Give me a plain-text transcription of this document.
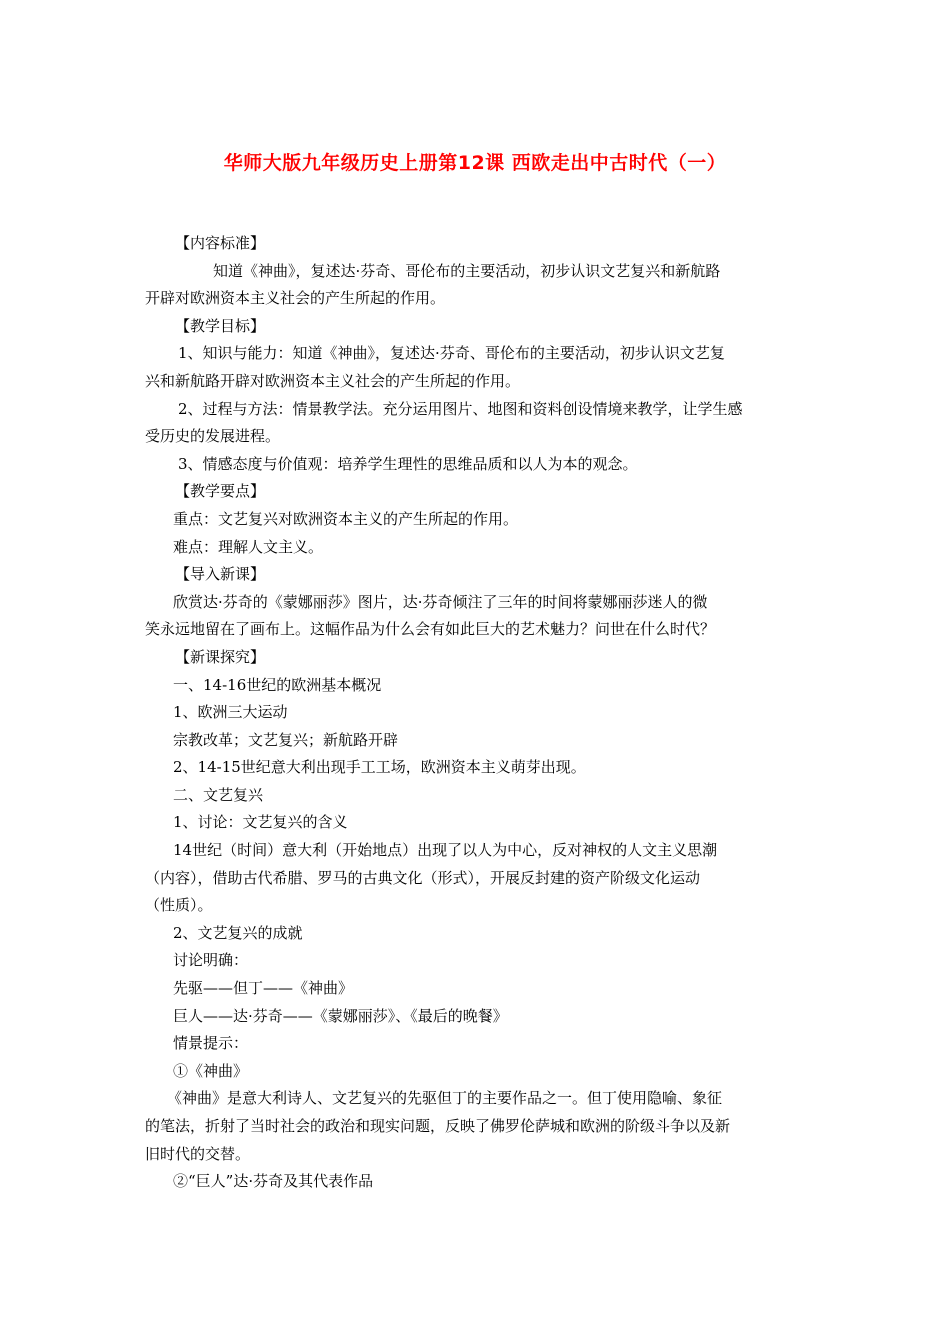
华师大版九年级历史上册第12课 西欧走出中古时代（一）
【内容标准】
知道《神曲》，复述达·芬奇、哥伦布的主要活动，初步认识文艺复兴和新航路
开辟对欧洲资本主义社会的产生所起的作用。
【教学目标】
1、知识与能力：知道《神曲》，复述达·芬奇、哥伦布的主要活动，初步认识文艺复
兴和新航路开辟对欧洲资本主义社会的产生所起的作用。
2、过程与方法：情景教学法。充分运用图片、地图和资料创设情境来教学，让学生感
受历史的发展进程。
3、情感态度与价值观：培养学生理性的思维品质和以人为本的观念。
【教学要点】
重点：文艺复兴对欧洲资本主义的产生所起的作用。
难点：理解人文主义。
【导入新课】
欣赏达·芬奇的《蒙娜丽莎》图片，达·芬奇倾注了三年的时间将蒙娜丽莎迷人的微
笑永远地留在了画布上。这幅作品为什么会有如此巨大的艺术魅力？问世在什么时代？
【新课探究】
一、14-16世纪的欧洲基本概况
1、欧洲三大运动
宗教改革；文艺复兴；新航路开辟
2、14-15世纪意大利出现手工工场，欧洲资本主义萌芽出现。
二、文艺复兴
1、讨论：文艺复兴的含义
14世纪（时间）意大利（开始地点）出现了以人为中心，反对神权的人文主义思潮
（内容），借助古代希腊、罗马的古典文化（形式），开展反封建的资产阶级文化运动
（性质）。
2、文艺复兴的成就
讨论明确：
先驱——但丁——《神曲》
巨人——达·芬奇——《蒙娜丽莎》、《最后的晚餐》
情景提示：
①《神曲》
《神曲》是意大利诗人、文艺复兴的先驱但丁的主要作品之一。但丁使用隐喻、象征
的笔法，折射了当时社会的政治和现实问题，反映了佛罗伦萨城和欧洲的阶级斗争以及新
旧时代的交替。
②“巨人”达·芬奇及其代表作品
